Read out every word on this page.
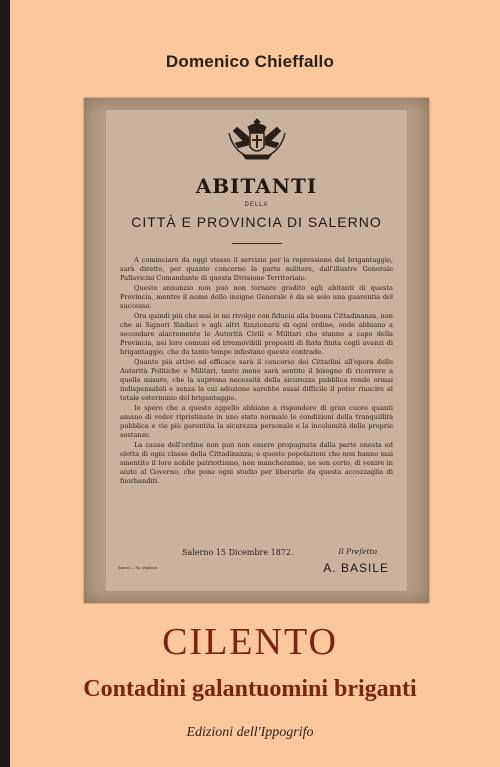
Domenico Chieffallo
ABITANTI
DELLA
CITTÀ E PROVINCIA DI SALERNO

A cominciare da oggi stesso il servizio per la repressione del brigantaggio, sarà diretto, per quanto concerne la parte militare, dall'illustre Generale Pallavicini Comandante di questa Divisione Territoriale.

Questo annunzio non può non tornare gradito agli abitanti di questa Provincia, mentre il nome dello insigne Generale è da sè solo una guarentia del successo.

Ora quindi più che mai io mi rivolgo con fiducia alla buona Cittadinanza, non che ai Signori Sindaci e agli altri funzionarii di ogni ordine, onde abbiano a secondare alacremente le Autorità Civili e Militari che stanno a capo della Provincia, nei loro comuni ed irremovibili propositi di farla finita cogli avanzi di brigantaggio, che da tanto tempo infestano queste contrade.

Quanto più attivo ed efficace sarà il concorso dei Cittadini all'opera delle Autorità Politiche e Militari, tanto meno sarà sentito il bisogno di ricorrere a quelle misure, che la suprema necessità della sicurezza pubblica rende ormai indispensabili e senza la cui adozione sarebbe assai difficile il poter riuscire al totale esterminio del brigantaggio.

Io spero che a questo appello abbiano a rispondere di gran cuore quanti amano di veder ripristinate in uno stato normale le condizioni della tranquillità pubblica e vie più garentita la sicurezza personale e la incolumità delle proprie sostanze.

La causa dell'ordine non può non essere propugnata dalla parte onesta ed eletta di ogni classe della Cittadinanza; e queste popolazioni che non hanno mai smentito il loro nobile patriottismo, non mancheranno, ne son certo, di venire in aiuto al Governo, che pone ogni studio per liberarle da questa accozzaglia di fuorbanditi.

Salerno 15 Dicembre 1872.	Il Prefetto
A. BASILE
Salerno — Tip. Migliaccio
CILENTO
Contadini galantuomini briganti
Edizioni dell'Ippogrifo
